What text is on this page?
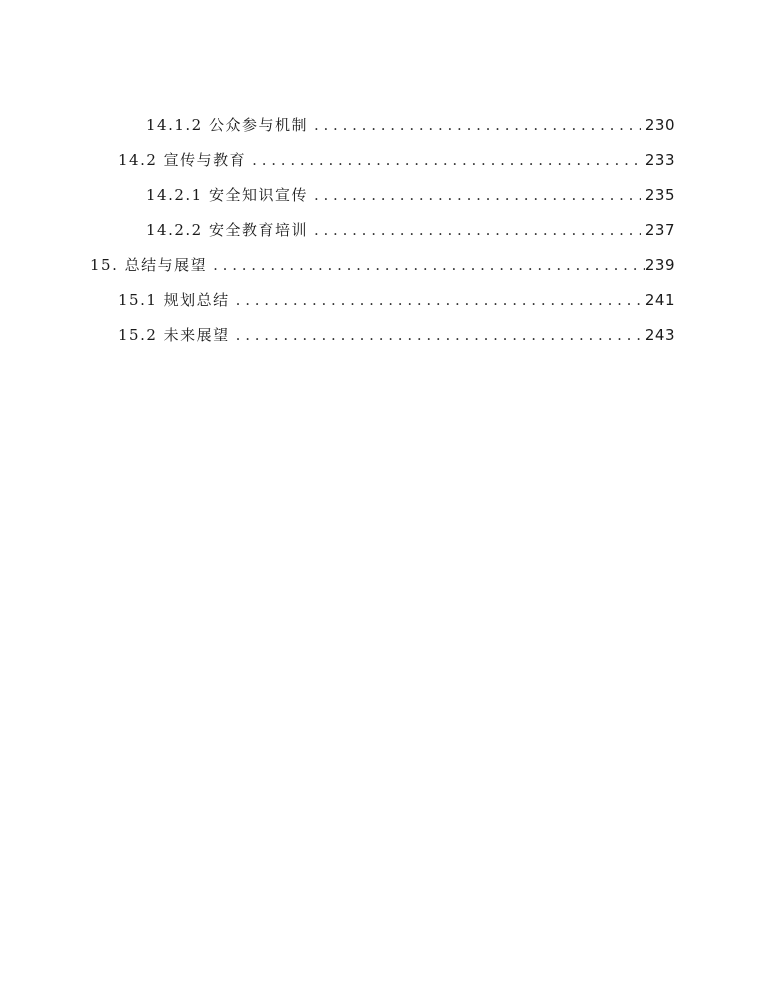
14.1.2 公众参与机制 . . .	230
14.2 宣传与教育 . . .	233
14.2.1 安全知识宣传 . . .	235
14.2.2 安全教育培训 . . .	237
15. 总结与展望 . . .	239
15.1 规划总结 . . .	241
15.2 未来展望 . . .	243
